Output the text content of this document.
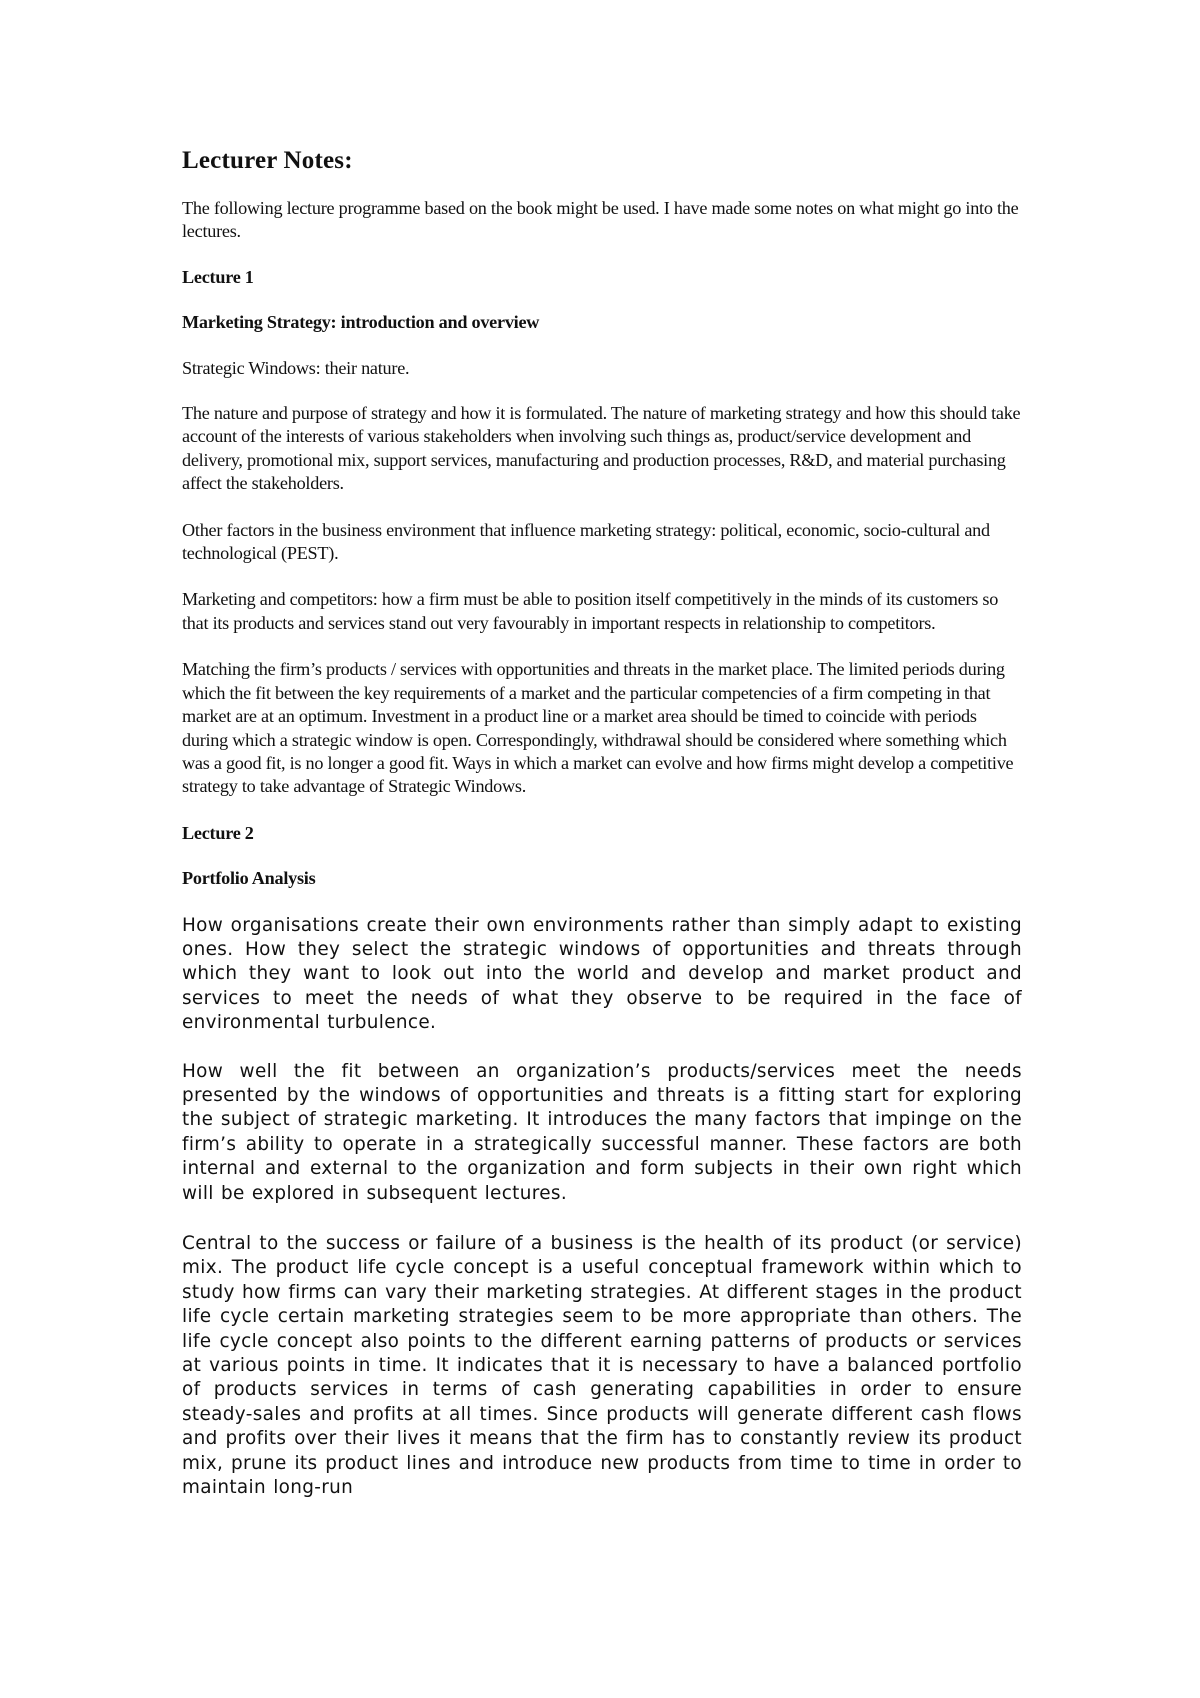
Lecturer Notes:

The following lecture programme based on the book might be used. I have made some notes on what might go into the lectures.

Lecture 1

Marketing Strategy: introduction and overview

Strategic Windows: their nature.

The nature and purpose of strategy and how it is formulated. The nature of marketing strategy and how this should take account of the interests of various stakeholders when involving such things as, product/service development and delivery, promotional mix, support services, manufacturing and production processes, R&D, and material purchasing affect the stakeholders.

Other factors in the business environment that influence marketing strategy: political, economic, socio-cultural and technological (PEST).

Marketing and competitors: how a firm must be able to position itself competitively in the minds of its customers so that its products and services stand out very favourably in important respects in relationship to competitors.

Matching the firm’s products / services with opportunities and threats in the market place. The limited periods during which the fit between the key requirements of a market and the particular competencies of a firm competing in that market are at an optimum. Investment in a product line or a market area should be timed to coincide with periods during which a strategic window is open. Correspondingly, withdrawal should be considered where something which was a good fit, is no longer a good fit. Ways in which a market can evolve and how firms might develop a competitive strategy to take advantage of Strategic Windows.

Lecture 2

Portfolio Analysis

How organisations create their own environments rather than simply adapt to existing ones. How they select the strategic windows of opportunities and threats through which they want to look out into the world and develop and market product and services to meet the needs of what they observe to be required in the face of environmental turbulence.

How well the fit between an organization’s products/services meet the needs presented by the windows of opportunities and threats is a fitting start for exploring the subject of strategic marketing. It introduces the many factors that impinge on the firm’s ability to operate in a strategically successful manner. These factors are both internal and external to the organization and form subjects in their own right which will be explored in subsequent lectures.

Central to the success or failure of a business is the health of its product (or service) mix. The product life cycle concept is a useful conceptual framework within which to study how firms can vary their marketing strategies. At different stages in the product life cycle certain marketing strategies seem to be more appropriate than others. The life cycle concept also points to the different earning patterns of products or services at various points in time. It indicates that it is necessary to have a balanced portfolio of products services in terms of cash generating capabilities in order to ensure steady-sales and profits at all times. Since products will generate different cash flows and profits over their lives it means that the firm has to constantly review its product mix, prune its product lines and introduce new products from time to time in order to maintain long-run
